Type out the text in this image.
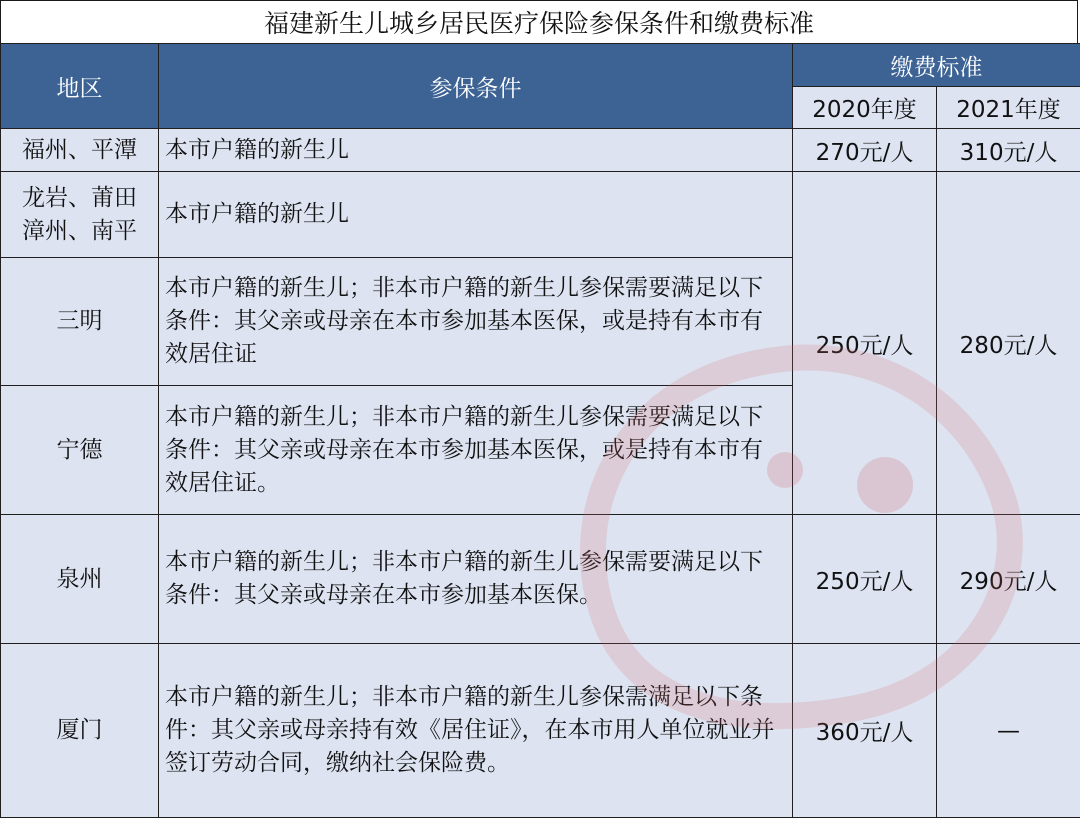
福建新生儿城乡居民医疗保险参保条件和缴费标准
地区	参保条件	缴费标准	
		2020年度	2021年度
福州、平潭	本市户籍的新生儿	270元/人	310元/人

龙岩、莆田
漳州、南平	本市户籍的新生儿	250元/人	280元/人
三明	本市户籍的新生儿；非本市户籍的新生儿参保需要满足以下条件：其父亲或母亲在本市参加基本医保，或是持有本市有效居住证		
宁德	本市户籍的新生儿；非本市户籍的新生儿参保需要满足以下条件：其父亲或母亲在本市参加基本医保，或是持有本市有效居住证。		
泉州	本市户籍的新生儿；非本市户籍的新生儿参保需要满足以下条件：其父亲或母亲在本市参加基本医保。	250元/人	290元/人
厦门	本市户籍的新生儿；非本市户籍的新生儿参保需满足以下条件：其父亲或母亲持有效《居住证》，在本市用人单位就业并签订劳动合同，缴纳社会保险费。	360元/人	—
